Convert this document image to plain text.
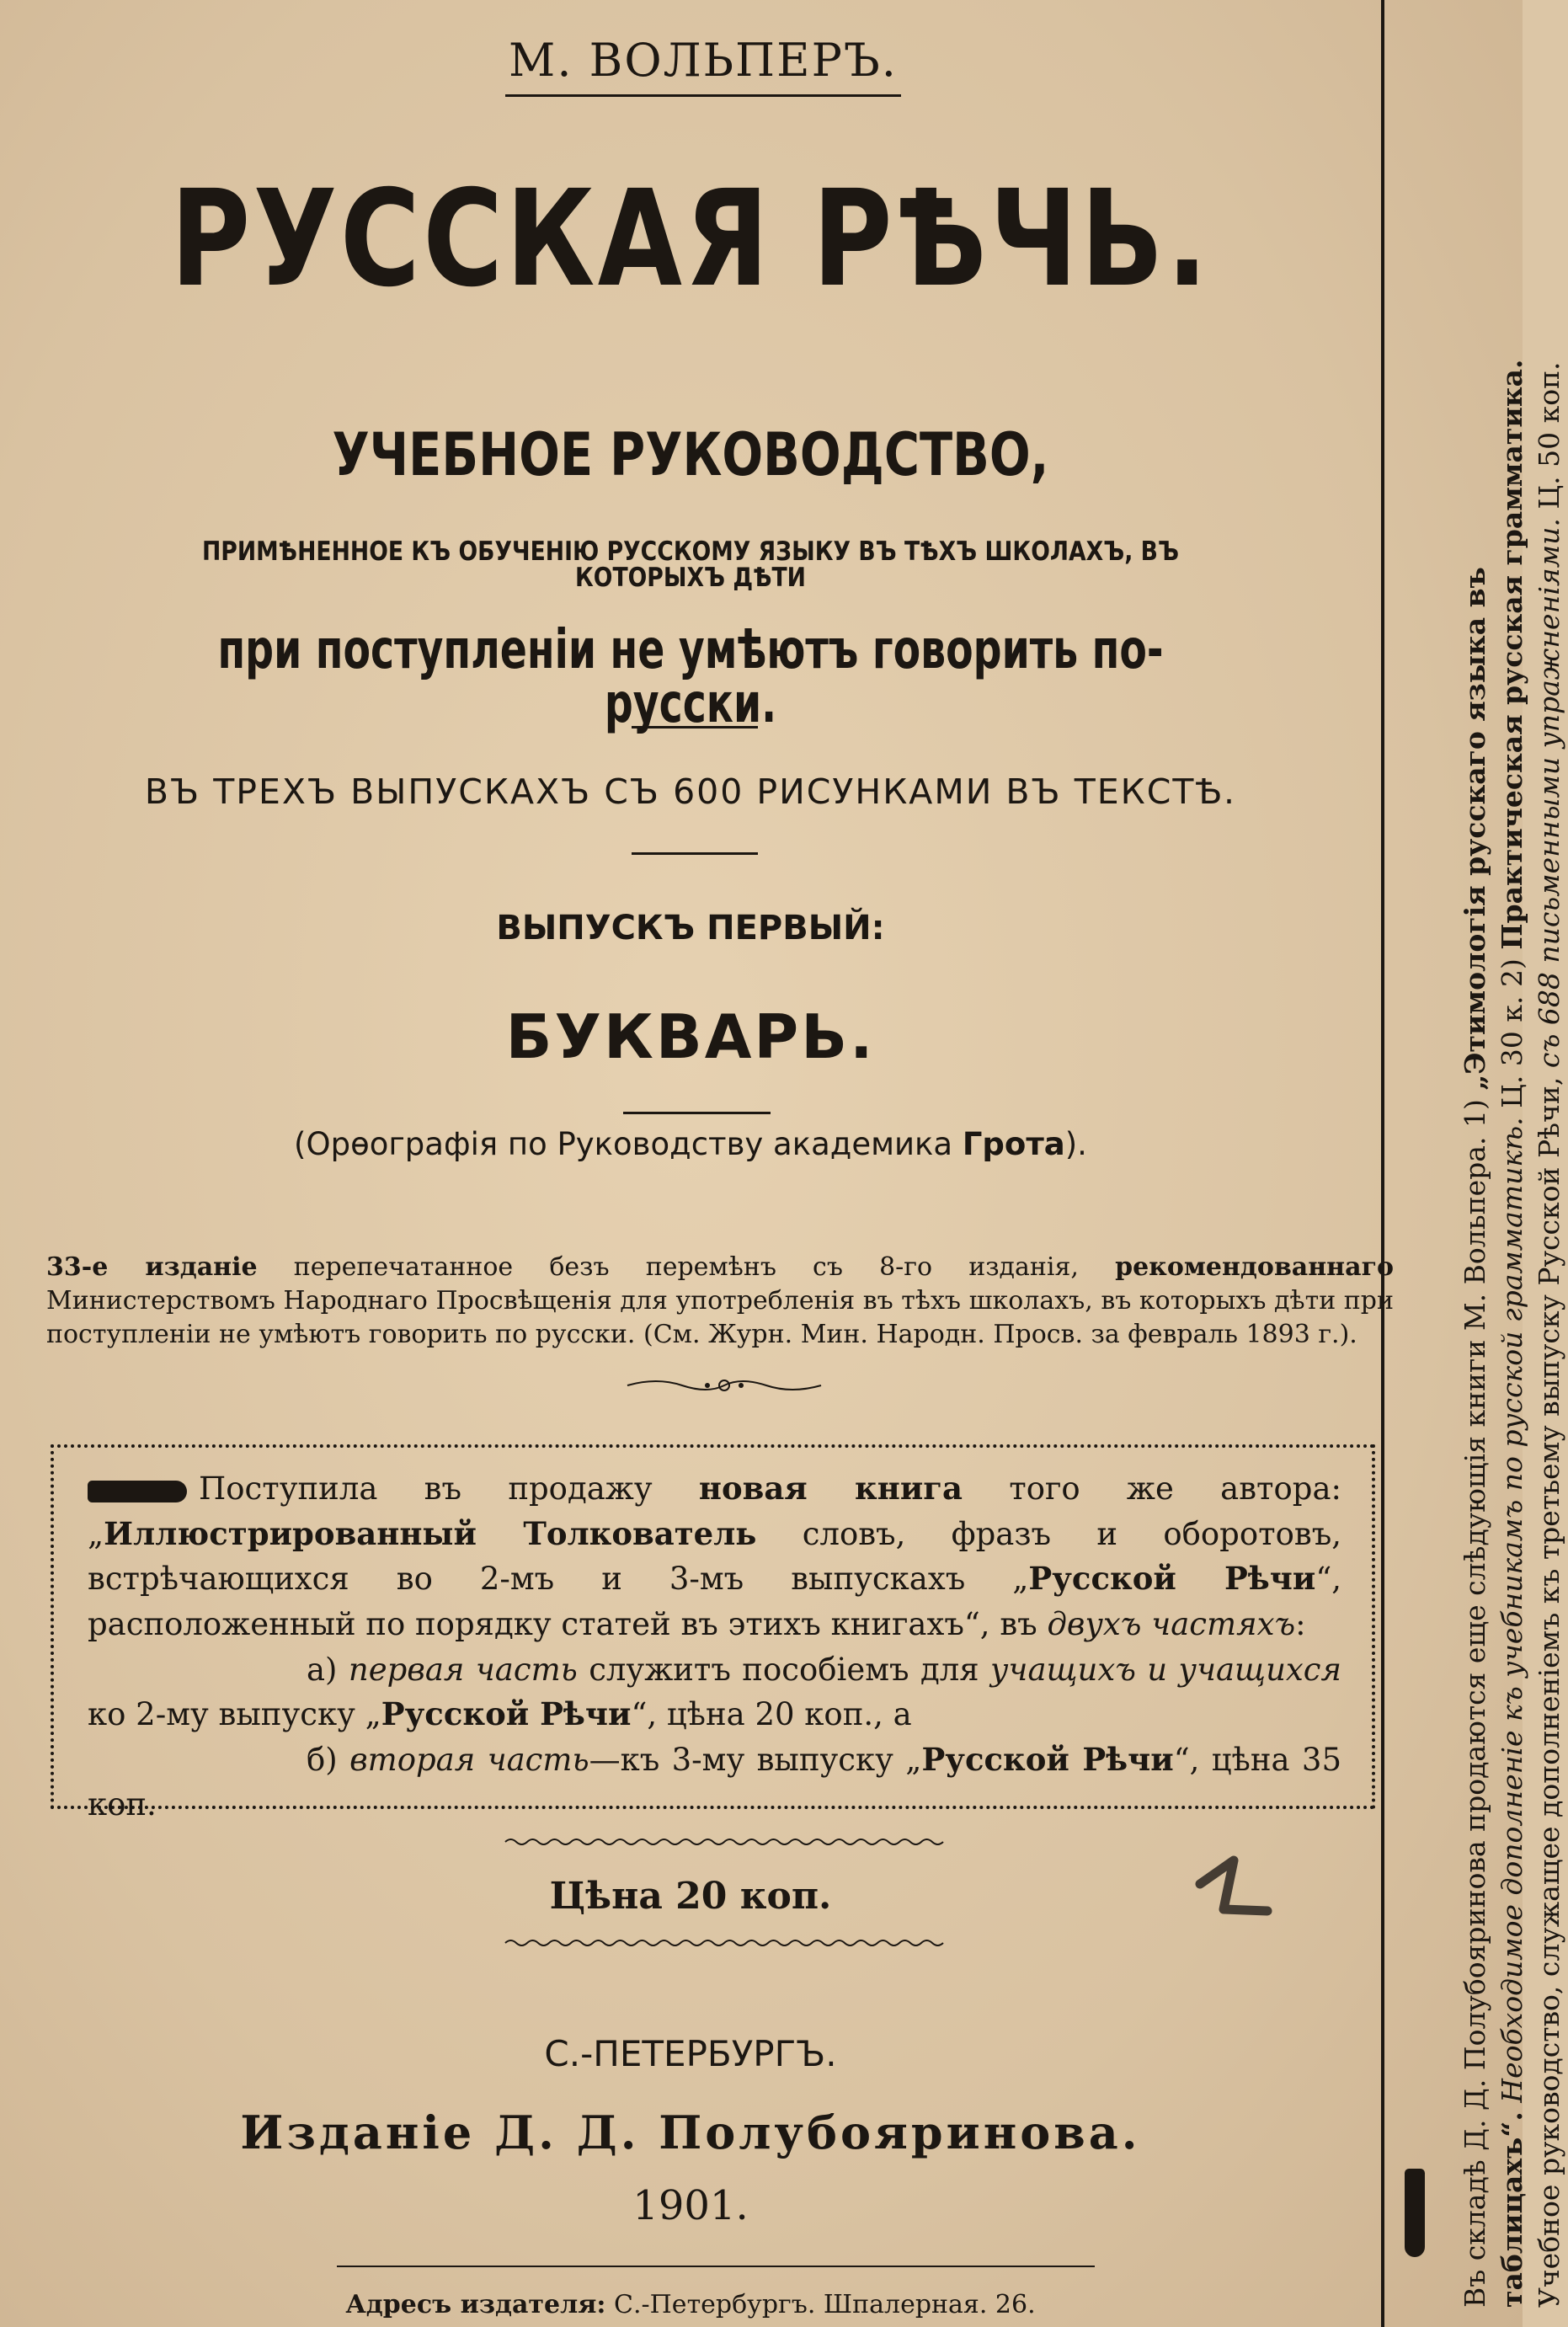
М. ВОЛЬПЕРЪ.
РУССКАЯ РѢЧЬ.
УЧЕБНОЕ РУКОВОДСТВО,
ПРИМѢНЕННОЕ КЪ ОБУЧЕНІЮ РУССКОМУ ЯЗЫКУ ВЪ ТѢХЪ ШКОЛАХЪ, ВЪ КОТОРЫХЪ ДѢТИ
при поступленіи не умѣютъ говорить по-русски.
ВЪ ТРЕХЪ ВЫПУСКАХЪ СЪ 600 РИСУНКАМИ ВЪ ТЕКСТѢ.
ВЫПУСКЪ ПЕРВЫЙ:
БУКВАРЬ.
(Орѳографія по Руководству академика Грота).
33-е изданіе перепечатанное безъ перемѣнъ съ 8-го изданія, рекомендованнаго Министерствомъ Народнаго Просвѣщенія для употребленія въ тѣхъ школахъ, въ которыхъ дѣти при поступленіи не умѣютъ говорить по русски. (См. Журн. Мин. Народн. Просв. за февраль 1893 г.).

Поступила въ продажу новая книга того же автора: „Иллюстрированный Толкователь словъ, фразъ и оборотовъ, встрѣчающихся во 2-мъ и 3-мъ выпускахъ „Русской Рѣчи“, расположенный по порядку статей въ этихъ книгахъ“, въ двухъ частяхъ:

а) первая часть служитъ пособіемъ для учащихъ и учащихся ко 2-му выпуску „Русской Рѣчи“, цѣна 20 коп., а

б) вторая часть—къ 3-му выпуску „Русской Рѣчи“, цѣна 35 коп.

Цѣна 20 коп.
С.-ПЕТЕРБУРГЪ.
Изданіе Д. Д. Полубояринова.
1901.
Адресъ издателя: С.-Петербургъ. Шпалерная. 26.	Въ складѣ Д. Д. Полубояринова продаются еще слѣдующія книги М. Вольпера. 1) „Этимологія русскаго языка въ
таблицахъ“. Необходимое дополненіе къ учебникамъ по русской грамматикѣ. Ц. 30 к. 2) Практическая русская грамматика.
Учебное руководство, служащее дополненіемъ къ третьему выпуску Русской Рѣчи, съ 688 письменными упражненіями. Ц. 50 коп.
